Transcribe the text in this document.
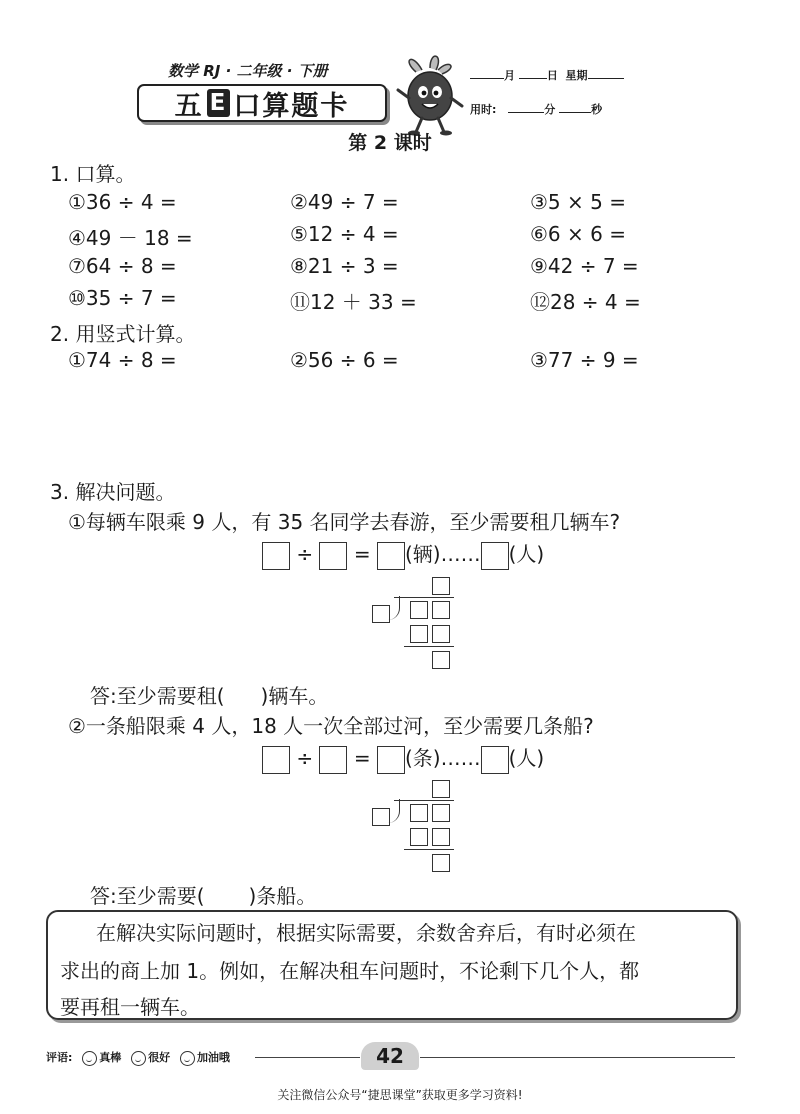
数学 RJ · 二年级 · 下册
五 E 口算题卡
月	日 星期
用时:	分	秒
第 2 课时
1. 口算。
①36 ÷ 4 =	②49 ÷ 7 =	③5 × 5 =
④49 － 18 =	⑤12 ÷ 4 =	⑥6 × 6 =
⑦64 ÷ 8 =	⑧21 ÷ 3 =	⑨42 ÷ 7 =
⑩35 ÷ 7 =	⑪12 ＋ 33 =	⑫28 ÷ 4 =
2. 用竖式计算。
①74 ÷ 8 =	②56 ÷ 6 =	③77 ÷ 9 =
3. 解决问题。
①每辆车限乘 9 人，有 35 名同学去春游，至少需要租几辆车?
÷ = (辆)…… (人)
答:至少需要租( )辆车。
②一条船限乘 4 人，18 人一次全部过河，至少需要几条船?
÷ = (条)…… (人)
答:至少需要( )条船。
在解决实际问题时，根据实际需要，余数舍弃后，有时必须在
求出的商上加 1。例如，在解决租车问题时，不论剩下几个人，都
要再租一辆车。
评语: 真棒 很好 加油哦	42
关注微信公众号“捷思课堂”获取更多学习资料!
